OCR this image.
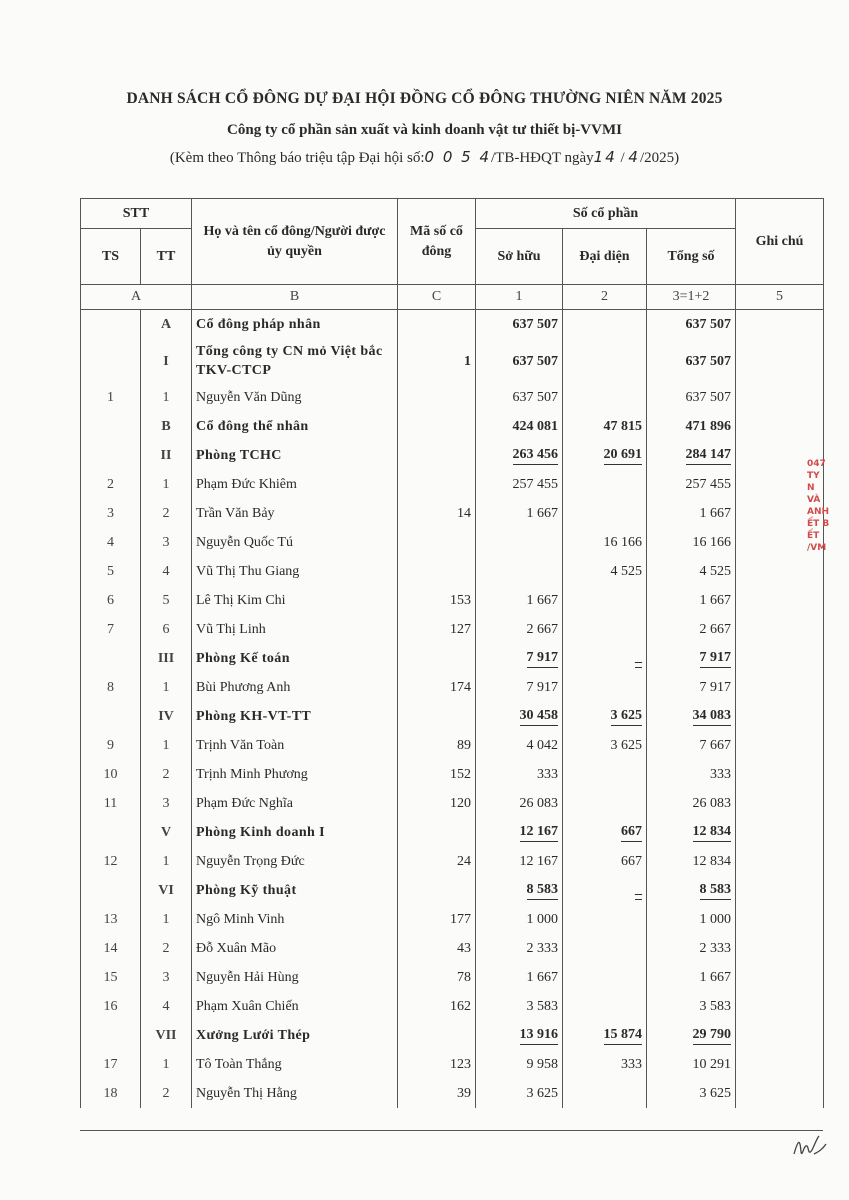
DANH SÁCH CỔ ĐÔNG DỰ ĐẠI HỘI ĐỒNG CỔ ĐÔNG THƯỜNG NIÊN NĂM 2025
Công ty cổ phần sản xuất và kinh doanh vật tư thiết bị-VVMI
(Kèm theo Thông báo triệu tập Đại hội số:0 0 5 4/TB-HĐQT ngày14 / 4/2025)
STT		Họ và tên cổ đông/Người được ủy quyền	Mã số cổ đông	Số cổ phần			Ghi chú
TS	TT			Sở hữu	Đại diện	Tổng số	
A		B	C	1	2	3=1+2	5
	A	Cổ đông pháp nhân		637 507		637 507	
	I	Tổng công ty CN mỏ Việt bắc TKV-CTCP	1	637 507		637 507	
1	1	Nguyễn Văn Dũng		637 507		637 507	
	B	Cổ đông thể nhân		424 081	47 815	471 896	
	II	Phòng TCHC		263 456	20 691	284 147	
2	1	Phạm Đức Khiêm		257 455		257 455	
3	2	Trần Văn Bảy	14	1 667		1 667	
4	3	Nguyễn Quốc Tú			16 166	16 166	
5	4	Vũ Thị Thu Giang			4 525	4 525	
6	5	Lê Thị Kim Chi	153	1 667		1 667	
7	6	Vũ Thị Linh	127	2 667		2 667	
	III	Phòng Kế toán		7 917	_	7 917	
8	1	Bùi Phương Anh	174	7 917		7 917	
	IV	Phòng KH-VT-TT		30 458	3 625	34 083	
9	1	Trịnh Văn Toàn	89	4 042	3 625	7 667	
10	2	Trịnh Minh Phương	152	333		333	
11	3	Phạm Đức Nghĩa	120	26 083		26 083	
	V	Phòng Kinh doanh I		12 167	667	12 834	
12	1	Nguyễn Trọng Đức	24	12 167	667	12 834	
	VI	Phòng Kỹ thuật		8 583	_	8 583	
13	1	Ngô Minh Vinh	177	1 000		1 000	
14	2	Đỗ Xuân Mão	43	2 333		2 333	
15	3	Nguyễn Hải Hùng	78	1 667		1 667	
16	4	Phạm Xuân Chiến	162	3 583		3 583	
	VII	Xưởng Lưới Thép		13 916	15 874	29 790	
17	1	Tô Toàn Thắng	123	9 958	333	10 291	
18	2	Nguyễn Thị Hằng	39	3 625		3 625	
047
TY
N
VÀ
ANH
ẾT B
ẾT
/VM
